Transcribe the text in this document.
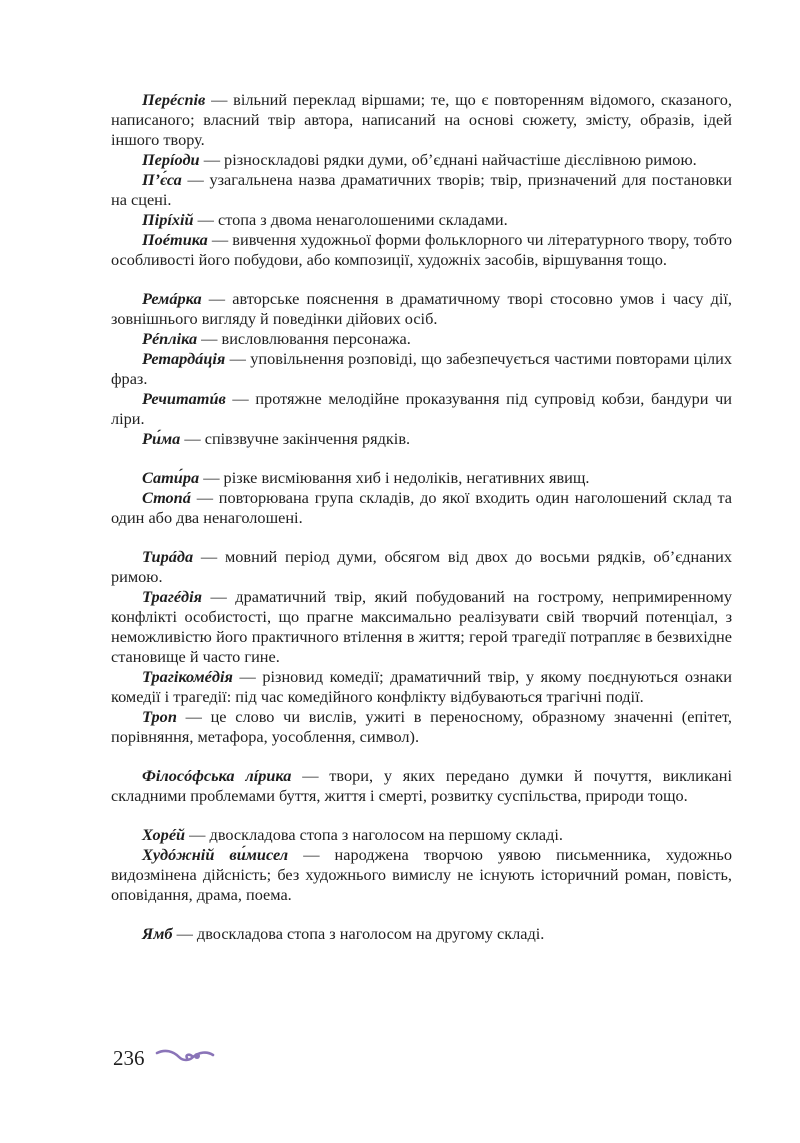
Перéспів — вільний переклад віршами; те, що є повторенням відомого, сказаного, написаного; власний твір автора, написаний на основі сюжету, змісту, образів, ідей іншого твору.

Перíоди — різноскладові рядки думи, об’єднані найчастіше дієслівною римою.

П’є́са — узагальнена назва драматичних творів; твір, призначений для постановки на сцені.

Пірíхій — стопа з двома ненаголошеними складами.

Поéтика — вивчення художньої форми фольклорного чи літературного твору, тобто особливості його побудови, або композиції, художніх засобів, віршування тощо.

Ремáрка — авторське пояснення в драматичному творі стосовно умов і часу дії, зовнішнього вигляду й поведінки дійових осіб.

Рéпліка — висловлювання персонажа.

Ретардáція — уповільнення розповіді, що забезпечується частими повторами цілих фраз.

Речитатúв — протяжне мелодійне проказування під супровід кобзи, бандури чи ліри.

Ри́ма — співзвучне закінчення рядків.

Сати́ра — різке висміювання хиб і недоліків, негативних явищ.

Стопá — повторювана група складів, до якої входить один наголошений склад та один або два ненаголошені.

Тирáда — мовний період думи, обсягом від двох до восьми рядків, об’єднаних римою.

Трагéдія — драматичний твір, який побудований на гострому, непримиренному конфлікті особистості, що прагне максимально реалізувати свій творчий потенціал, з неможливістю його практичного втілення в життя; герой трагедії потрапляє в безвихідне становище й часто гине.

Трагікомéдія — різновид комедії; драматичний твір, у якому поєднуються ознаки комедії і трагедії: під час комедійного конфлікту відбуваються трагічні події.

Троп — це слово чи вислів, ужиті в переносному, образному значенні (епітет, порівняння, метафора, уособлення, символ).

Філосóфська лíрика — твори, у яких передано думки й почуття, викликані складними проблемами буття, життя і смерті, розвитку суспільства, природи тощо.

Хорéй — двоскладова стопа з наголосом на першому складі.

Худóжній ви́мисел — народжена творчою уявою письменника, художньо видозмінена дійсність; без художнього вимислу не існують історичний роман, повість, оповідання, драма, поема.

Ямб — двоскладова стопа з наголосом на другому складі.

236
